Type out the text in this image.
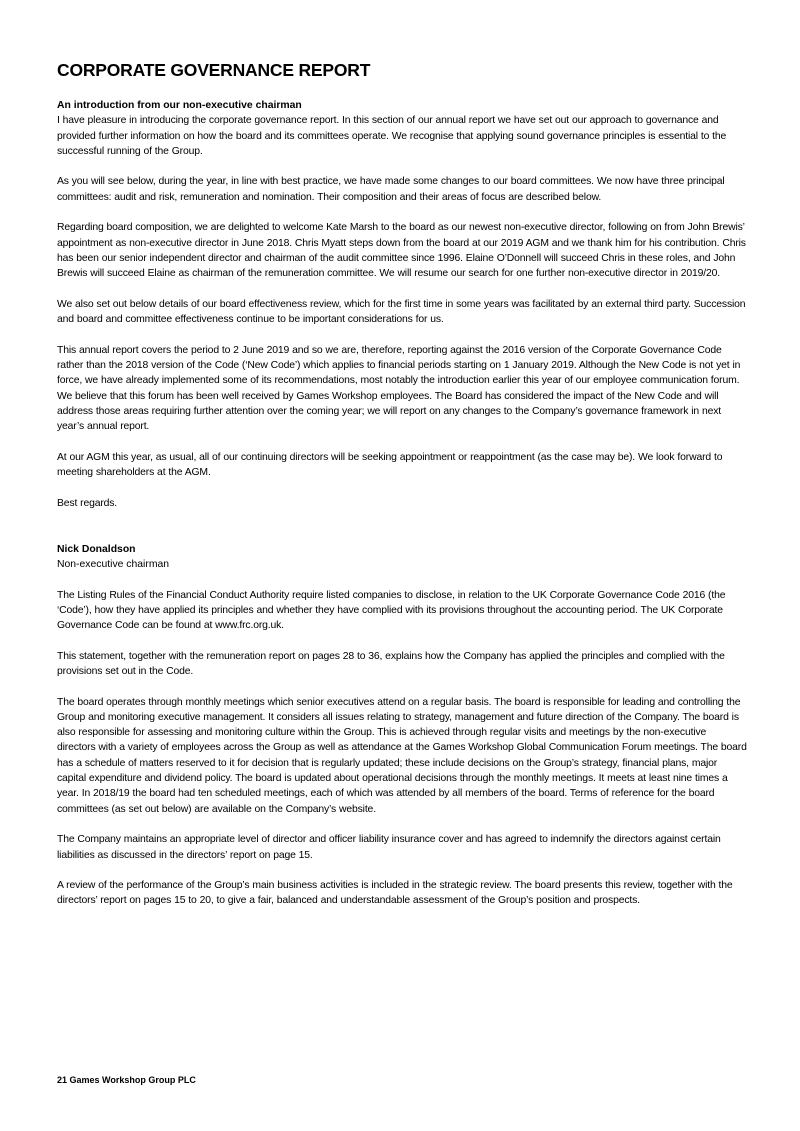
CORPORATE GOVERNANCE REPORT
An introduction from our non-executive chairman

I have pleasure in introducing the corporate governance report. In this section of our annual report we have set out our approach to governance and provided further information on how the board and its committees operate. We recognise that applying sound governance principles is essential to the successful running of the Group.

As you will see below, during the year, in line with best practice, we have made some changes to our board committees. We now have three principal committees: audit and risk, remuneration and nomination. Their composition and their areas of focus are described below.

Regarding board composition, we are delighted to welcome Kate Marsh to the board as our newest non-executive director, following on from John Brewis’ appointment as non-executive director in June 2018. Chris Myatt steps down from the board at our 2019 AGM and we thank him for his contribution. Chris has been our senior independent director and chairman of the audit committee since 1996. Elaine O’Donnell will succeed Chris in these roles, and John Brewis will succeed Elaine as chairman of the remuneration committee. We will resume our search for one further non-executive director in 2019/20.

We also set out below details of our board effectiveness review, which for the first time in some years was facilitated by an external third party. Succession and board and committee effectiveness continue to be important considerations for us.

This annual report covers the period to 2 June 2019 and so we are, therefore, reporting against the 2016 version of the Corporate Governance Code rather than the 2018 version of the Code (‘New Code’) which applies to financial periods starting on 1 January 2019. Although the New Code is not yet in force, we have already implemented some of its recommendations, most notably the introduction earlier this year of our employee communication forum. We believe that this forum has been well received by Games Workshop employees. The Board has considered the impact of the New Code and will address those areas requiring further attention over the coming year; we will report on any changes to the Company’s governance framework in next year’s annual report.

At our AGM this year, as usual, all of our continuing directors will be seeking appointment or reappointment (as the case may be). We look forward to meeting shareholders at the AGM.

Best regards.

Nick Donaldson
Non-executive chairman

The Listing Rules of the Financial Conduct Authority require listed companies to disclose, in relation to the UK Corporate Governance Code 2016 (the ‘Code’), how they have applied its principles and whether they have complied with its provisions throughout the accounting period. The UK Corporate Governance Code can be found at www.frc.org.uk.

This statement, together with the remuneration report on pages 28 to 36, explains how the Company has applied the principles and complied with the provisions set out in the Code.

The board operates through monthly meetings which senior executives attend on a regular basis. The board is responsible for leading and controlling the Group and monitoring executive management. It considers all issues relating to strategy, management and future direction of the Company. The board is also responsible for assessing and monitoring culture within the Group. This is achieved through regular visits and meetings by the non-executive directors with a variety of employees across the Group as well as attendance at the Games Workshop Global Communication Forum meetings. The board has a schedule of matters reserved to it for decision that is regularly updated; these include decisions on the Group’s strategy, financial plans, major capital expenditure and dividend policy. The board is updated about operational decisions through the monthly meetings. It meets at least nine times a year. In 2018/19 the board had ten scheduled meetings, each of which was attended by all members of the board. Terms of reference for the board committees (as set out below) are available on the Company’s website.

The Company maintains an appropriate level of director and officer liability insurance cover and has agreed to indemnify the directors against certain liabilities as discussed in the directors’ report on page 15.

A review of the performance of the Group’s main business activities is included in the strategic review. The board presents this review, together with the directors’ report on pages 15 to 20, to give a fair, balanced and understandable assessment of the Group’s position and prospects.

21 Games Workshop Group PLC
